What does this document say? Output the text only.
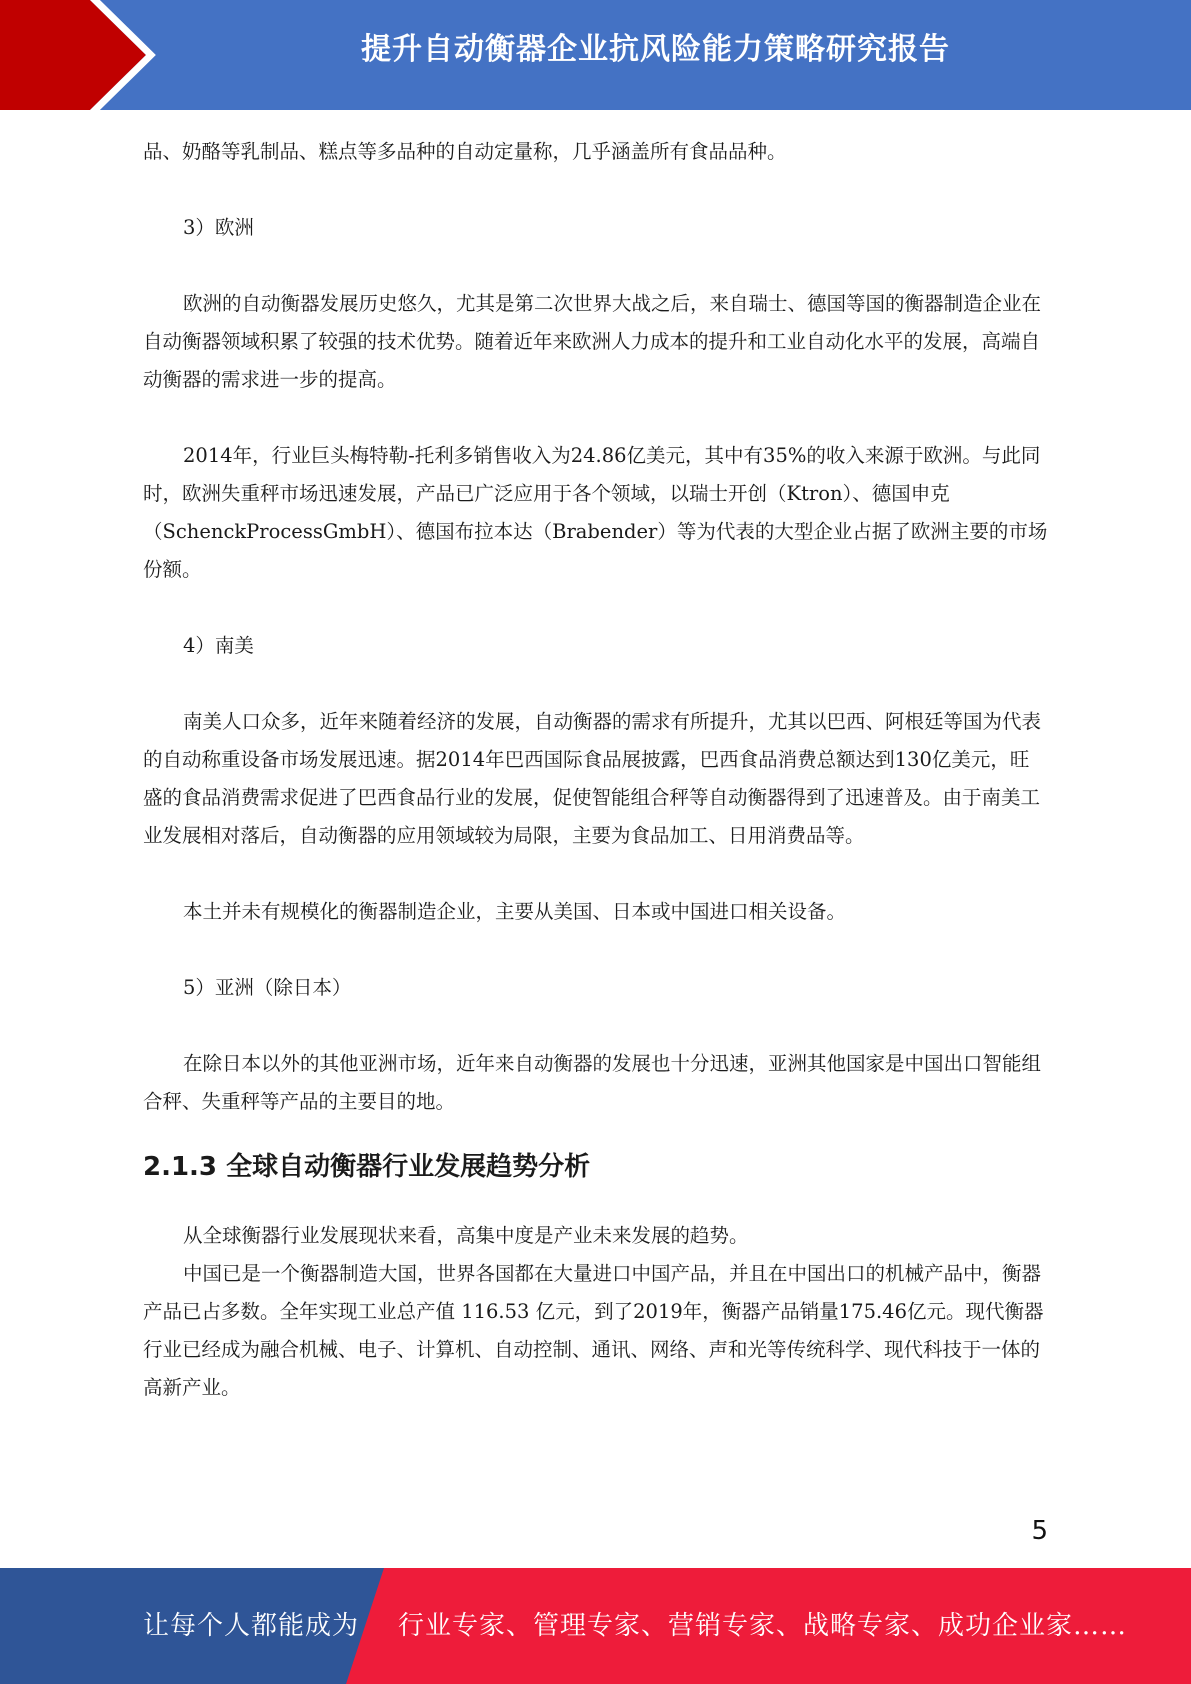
提升自动衡器企业抗风险能力策略研究报告

品、奶酪等乳制品、糕点等多品种的自动定量称，几乎涵盖所有食品品种。

3）欧洲

欧洲的自动衡器发展历史悠久，尤其是第二次世界大战之后，来自瑞士、德国等国的衡器制造企业在自动衡器领域积累了较强的技术优势。随着近年来欧洲人力成本的提升和工业自动化水平的发展，高端自动衡器的需求进一步的提高。

2014年，行业巨头梅特勒-托利多销售收入为24.86亿美元，其中有35%的收入来源于欧洲。与此同时，欧洲失重秤市场迅速发展，产品已广泛应用于各个领域，以瑞士开创（Ktron）、德国申克（SchenckProcessGmbH）、德国布拉本达（Brabender）等为代表的大型企业占据了欧洲主要的市场份额。

4）南美

南美人口众多，近年来随着经济的发展，自动衡器的需求有所提升，尤其以巴西、阿根廷等国为代表的自动称重设备市场发展迅速。据2014年巴西国际食品展披露，巴西食品消费总额达到130亿美元，旺盛的食品消费需求促进了巴西食品行业的发展，促使智能组合秤等自动衡器得到了迅速普及。由于南美工业发展相对落后，自动衡器的应用领域较为局限，主要为食品加工、日用消费品等。

本土并未有规模化的衡器制造企业，主要从美国、日本或中国进口相关设备。

5）亚洲（除日本）

在除日本以外的其他亚洲市场，近年来自动衡器的发展也十分迅速，亚洲其他国家是中国出口智能组合秤、失重秤等产品的主要目的地。

2.1.3 全球自动衡器行业发展趋势分析

从全球衡器行业发展现状来看，高集中度是产业未来发展的趋势。

中国已是一个衡器制造大国，世界各国都在大量进口中国产品，并且在中国出口的机械产品中，衡器产品已占多数。全年实现工业总产值 116.53 亿元，到了2019年，衡器产品销量175.46亿元。现代衡器行业已经成为融合机械、电子、计算机、自动控制、通讯、网络、声和光等传统科学、现代科技于一体的高新产业。

5
让每个人都能成为 行业专家、管理专家、营销专家、战略专家、成功企业家……
